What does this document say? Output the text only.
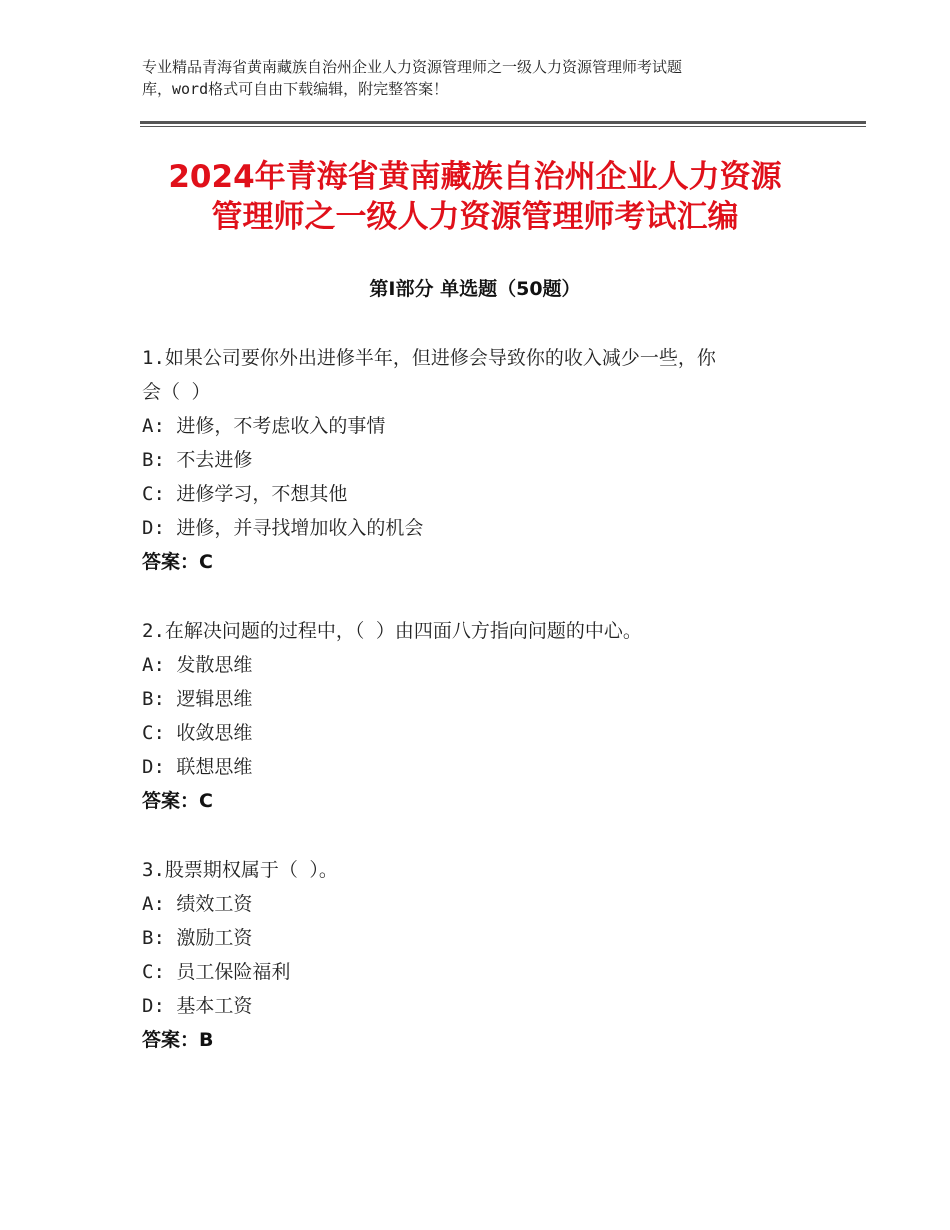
专业精品青海省黄南藏族自治州企业人力资源管理师之一级人力资源管理师考试题
库，word格式可自由下载编辑，附完整答案！
2024年青海省黄南藏族自治州企业人力资源
管理师之一级人力资源管理师考试汇编
第Ⅰ部分 单选题（50题）
1.如果公司要你外出进修半年，但进修会导致你的收入减少一些，你
会（ ）
A: 进修，不考虑收入的事情
B: 不去进修
C: 进修学习，不想其他
D: 进修，并寻找增加收入的机会
答案：C
2.在解决问题的过程中，（ ）由四面八方指向问题的中心。
A: 发散思维
B: 逻辑思维
C: 收敛思维
D: 联想思维
答案：C
3.股票期权属于（ ）。
A: 绩效工资
B: 激励工资
C: 员工保险福利
D: 基本工资
答案：B
